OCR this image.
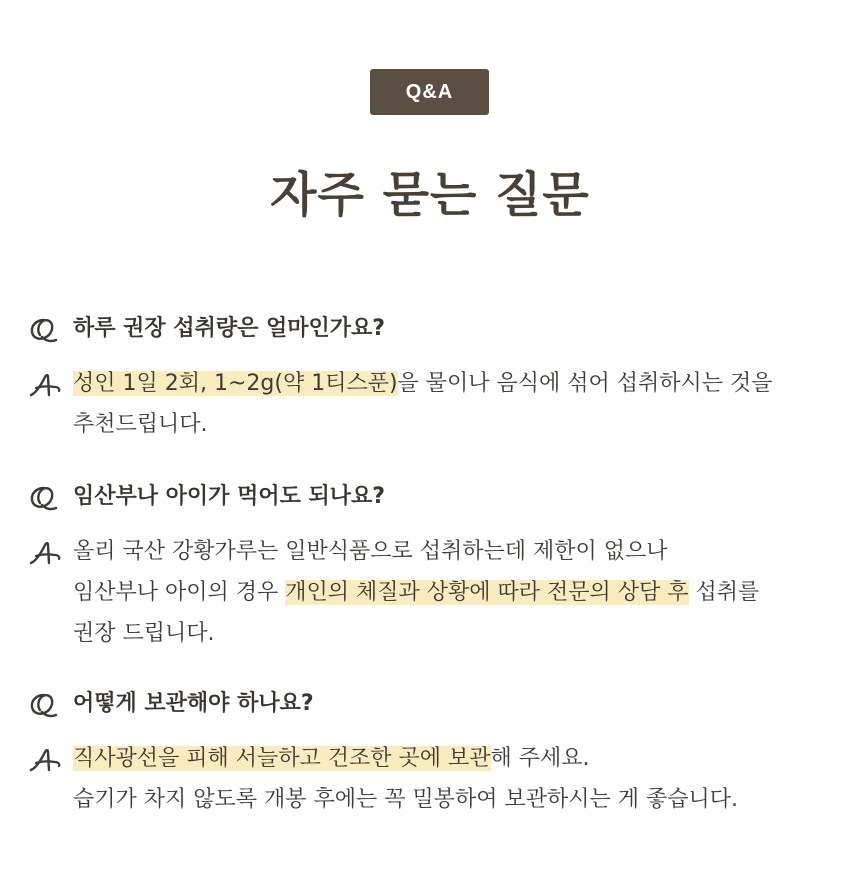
Q&A
자주 묻는 질문
하루 권장 섭취량은 얼마인가요?
성인 1일 2회, 1~2g(약 1티스푼)을 물이나 음식에 섞어 섭취하시는 것을
추천드립니다.
임산부나 아이가 먹어도 되나요?
올리 국산 강황가루는 일반식품으로 섭취하는데 제한이 없으나
임산부나 아이의 경우 개인의 체질과 상황에 따라 전문의 상담 후 섭취를
권장 드립니다.
어떻게 보관해야 하나요?
직사광선을 피해 서늘하고 건조한 곳에 보관해 주세요.
습기가 차지 않도록 개봉 후에는 꼭 밀봉하여 보관하시는 게 좋습니다.
